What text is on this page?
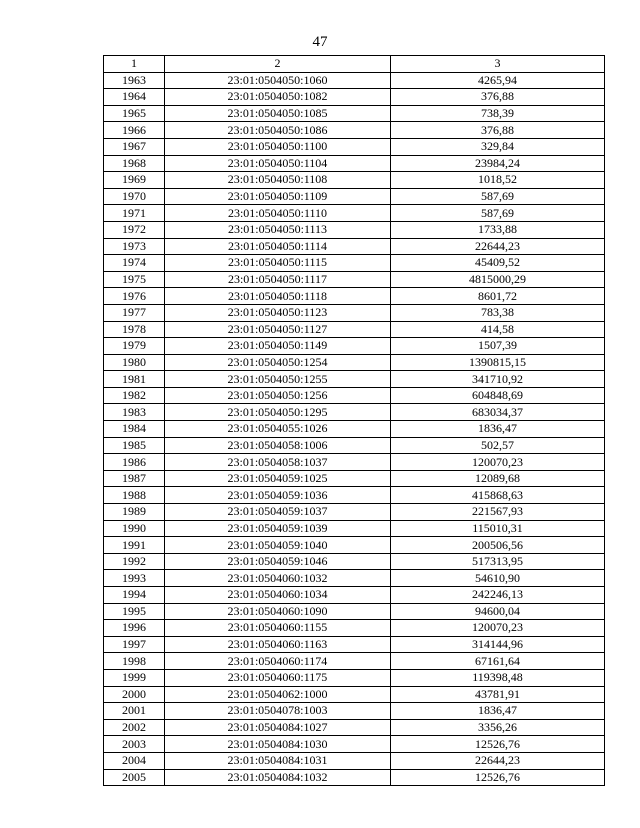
47
1	2	3
1963	23:01:0504050:1060	4265,94
1964	23:01:0504050:1082	376,88
1965	23:01:0504050:1085	738,39
1966	23:01:0504050:1086	376,88
1967	23:01:0504050:1100	329,84
1968	23:01:0504050:1104	23984,24
1969	23:01:0504050:1108	1018,52
1970	23:01:0504050:1109	587,69
1971	23:01:0504050:1110	587,69
1972	23:01:0504050:1113	1733,88
1973	23:01:0504050:1114	22644,23
1974	23:01:0504050:1115	45409,52
1975	23:01:0504050:1117	4815000,29
1976	23:01:0504050:1118	8601,72
1977	23:01:0504050:1123	783,38
1978	23:01:0504050:1127	414,58
1979	23:01:0504050:1149	1507,39
1980	23:01:0504050:1254	1390815,15
1981	23:01:0504050:1255	341710,92
1982	23:01:0504050:1256	604848,69
1983	23:01:0504050:1295	683034,37
1984	23:01:0504055:1026	1836,47
1985	23:01:0504058:1006	502,57
1986	23:01:0504058:1037	120070,23
1987	23:01:0504059:1025	12089,68
1988	23:01:0504059:1036	415868,63
1989	23:01:0504059:1037	221567,93
1990	23:01:0504059:1039	115010,31
1991	23:01:0504059:1040	200506,56
1992	23:01:0504059:1046	517313,95
1993	23:01:0504060:1032	54610,90
1994	23:01:0504060:1034	242246,13
1995	23:01:0504060:1090	94600,04
1996	23:01:0504060:1155	120070,23
1997	23:01:0504060:1163	314144,96
1998	23:01:0504060:1174	67161,64
1999	23:01:0504060:1175	119398,48
2000	23:01:0504062:1000	43781,91
2001	23:01:0504078:1003	1836,47
2002	23:01:0504084:1027	3356,26
2003	23:01:0504084:1030	12526,76
2004	23:01:0504084:1031	22644,23
2005	23:01:0504084:1032	12526,76
